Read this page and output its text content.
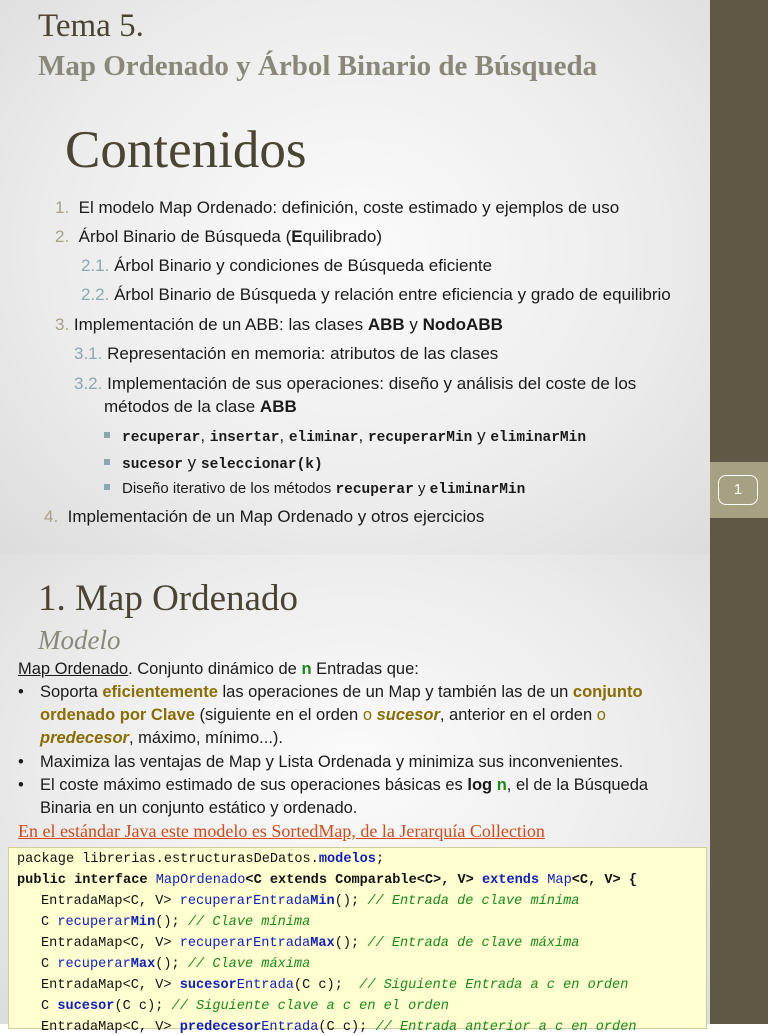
Tema 5.
Map Ordenado y Árbol Binario de Búsqueda
Contenidos
1. El modelo Map Ordenado: definición, coste estimado y ejemplos de uso
2. Árbol Binario de Búsqueda (Equilibrado)
2.1. Árbol Binario y condiciones de Búsqueda eficiente
2.2. Árbol Binario de Búsqueda y relación entre eficiencia y grado de equilibrio
3. Implementación de un ABB: las clases ABB y NodoABB
3.1. Representación en memoria: atributos de las clases
3.2. Implementación de sus operaciones: diseño y análisis del coste de los
métodos de la clase ABB
recuperar, insertar, eliminar, recuperarMin y eliminarMin
sucesor y seleccionar(k)
Diseño iterativo de los métodos recuperar y eliminarMin
4. Implementación de un Map Ordenado y otros ejercicios
1. Map Ordenado
Modelo
Map Ordenado. Conjunto dinámico de n Entradas que:
• Soporta eficientemente las operaciones de un Map y también las de un conjunto
ordenado por Clave (siguiente en el orden o sucesor, anterior en el orden o
predecesor, máximo, mínimo...).
• Maximiza las ventajas de Map y Lista Ordenada y minimiza sus inconvenientes.
• El coste máximo estimado de sus operaciones básicas es log n, el de la Búsqueda
Binaria en un conjunto estático y ordenado.
En el estándar Java este modelo es SortedMap, de la Jerarquía Collection
package librerias.estructurasDeDatos.modelos;
public interface MapOrdenado<C extends Comparable<C>, V> extends Map<C, V> {
EntradaMap<C, V> recuperarEntradaMin(); // Entrada de clave mínima
C recuperarMin(); // Clave mínima
EntradaMap<C, V> recuperarEntradaMax(); // Entrada de clave máxima
C recuperarMax(); // Clave máxima
EntradaMap<C, V> sucesorEntrada(C c);  // Siguiente Entrada a c en orden
C sucesor(C c); // Siguiente clave a c en el orden
EntradaMap<C, V> predecesorEntrada(C c); // Entrada anterior a c en orden
1
